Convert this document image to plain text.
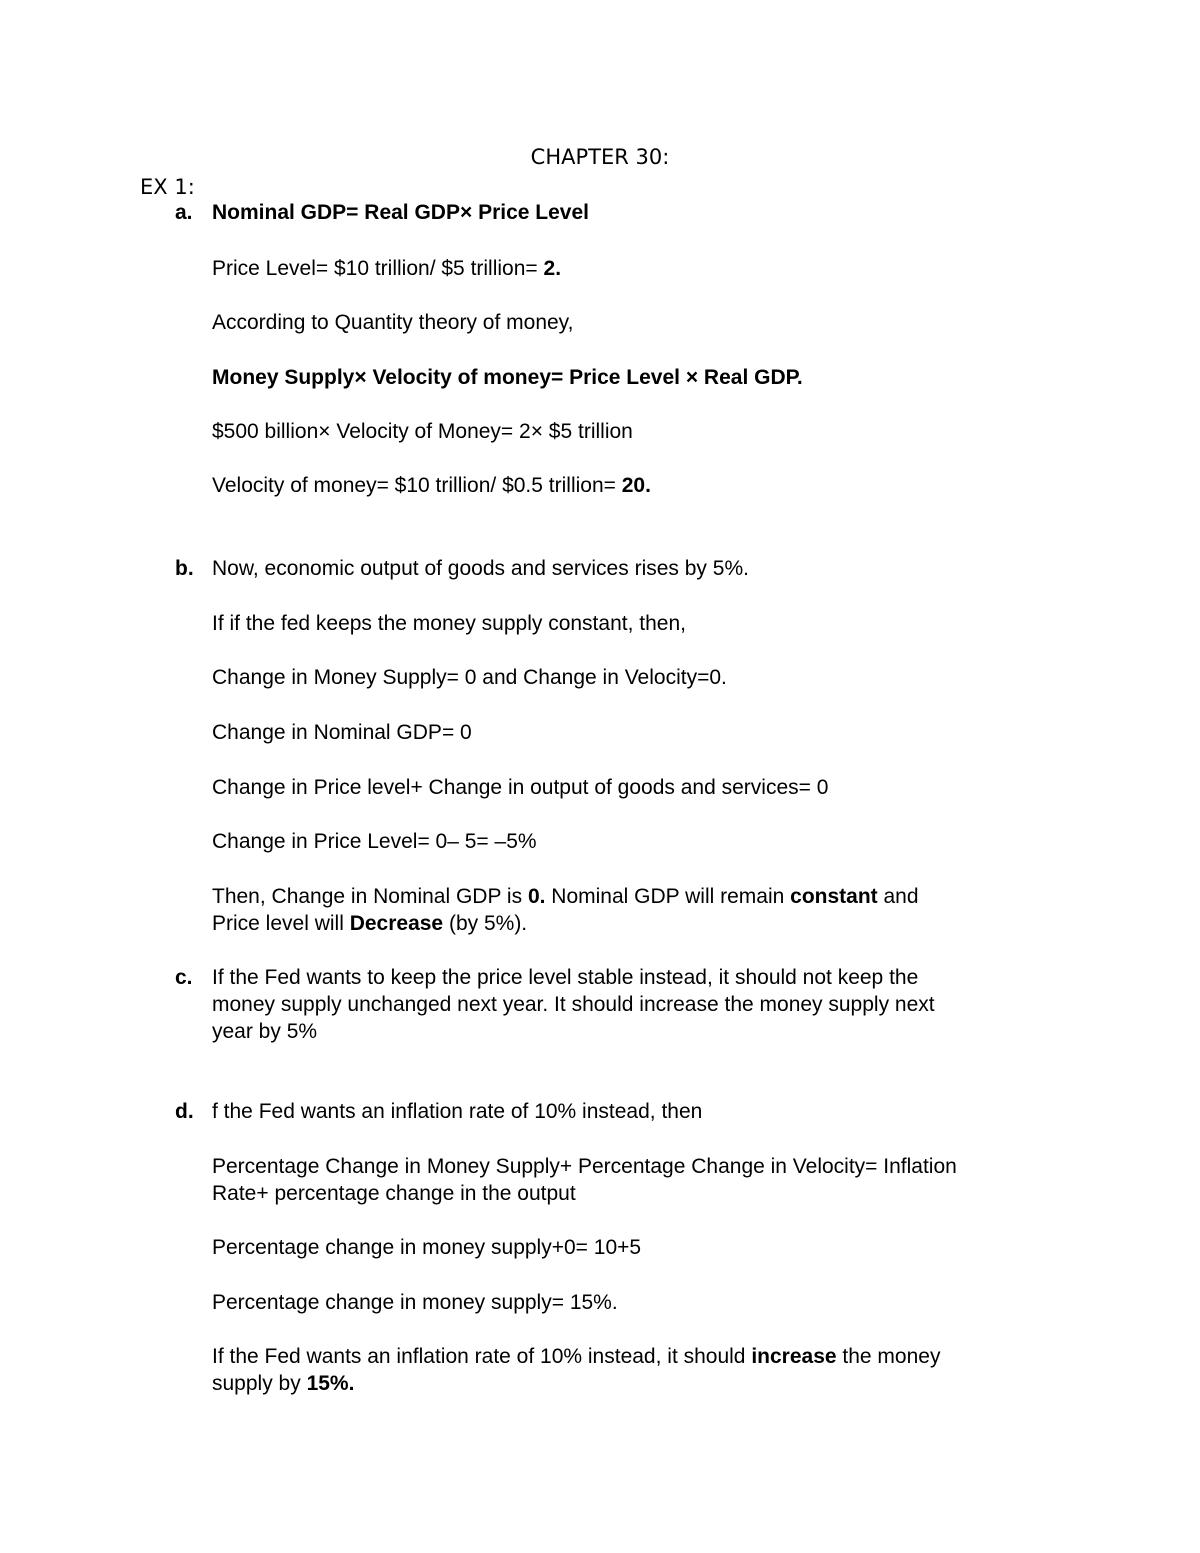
CHAPTER 30:
EX 1:
a. Nominal GDP= Real GDP× Price Level
Price Level= $10 trillion/ $5 trillion= 2.
According to Quantity theory of money,
Money Supply× Velocity of money= Price Level × Real GDP.
$500 billion× Velocity of Money= 2× $5 trillion
Velocity of money= $10 trillion/ $0.5 trillion= 20.
b. Now, economic output of goods and services rises by 5%.
If if the fed keeps the money supply constant, then,
Change in Money Supply= 0 and Change in Velocity=0.
Change in Nominal GDP= 0
Change in Price level+ Change in output of goods and services= 0
Change in Price Level= 0– 5= –5%
Then, Change in Nominal GDP is 0. Nominal GDP will remain constant and
Price level will Decrease (by 5%).
c. If the Fed wants to keep the price level stable instead, it should not keep the
money supply unchanged next year. It should increase the money supply next
year by 5%
d. f the Fed wants an inflation rate of 10% instead, then
Percentage Change in Money Supply+ Percentage Change in Velocity= Inflation
Rate+ percentage change in the output
Percentage change in money supply+0= 10+5
Percentage change in money supply= 15%.
If the Fed wants an inflation rate of 10% instead, it should increase the money
supply by 15%.
